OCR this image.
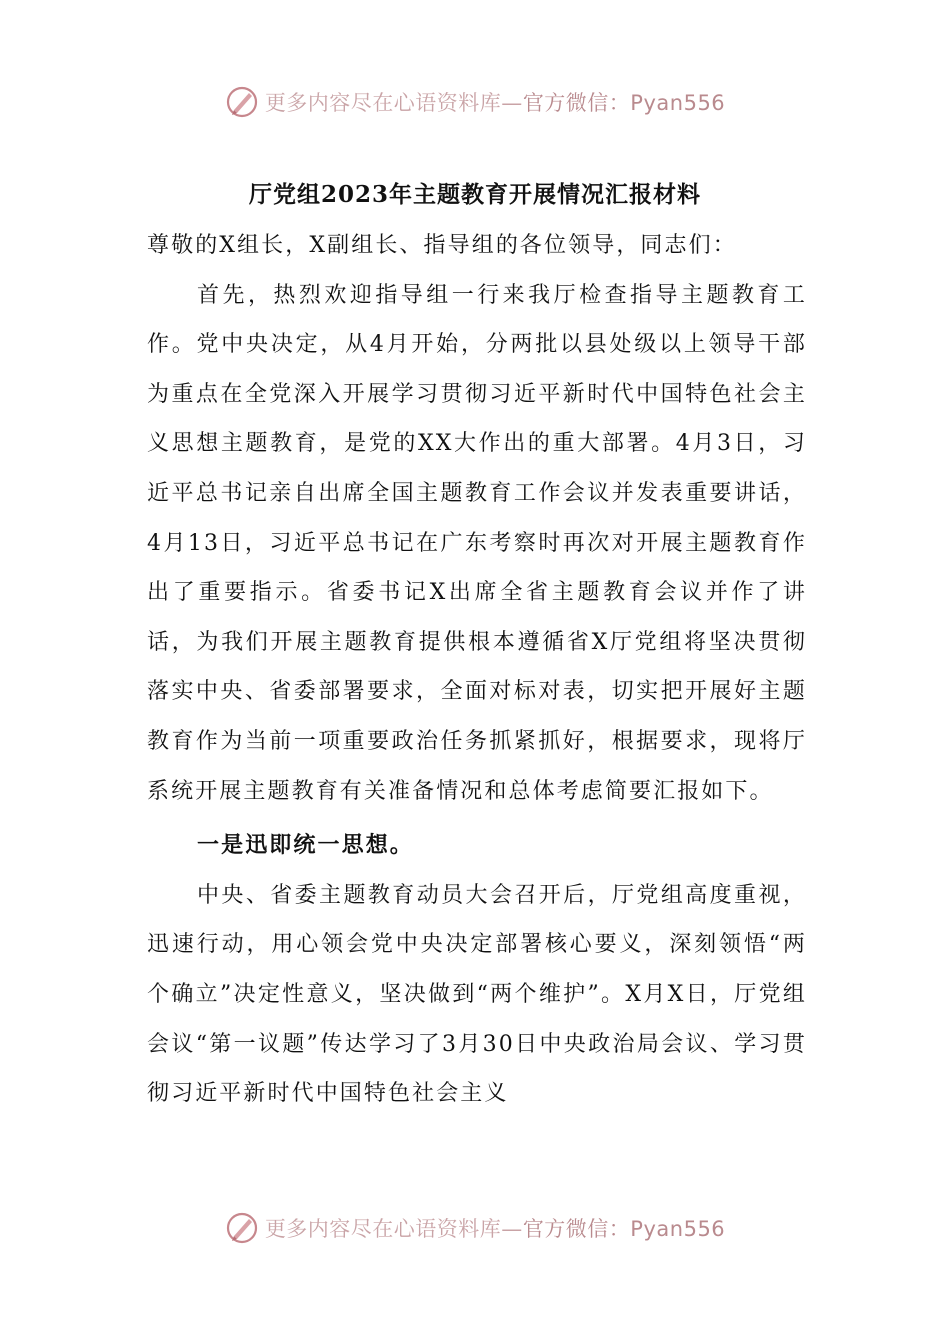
更多内容尽在心语资料库— 官方微信：Pyan556
厅党组2023年主题教育开展情况汇报材料

尊敬的X组长，X副组长、指导组的各位领导，同志们：

首先，热烈欢迎指导组一行来我厅检查指导主题教育工作。党中央决定，从4月开始，分两批以县处级以上领导干部为重点在全党深入开展学习贯彻习近平新时代中国特色社会主义思想主题教育，是党的XX大作出的重大部署。4月3日，习近平总书记亲自出席全国主题教育工作会议并发表重要讲话，4月13日，习近平总书记在广东考察时再次对开展主题教育作出了重要指示。省委书记X出席全省主题教育会议并作了讲话，为我们开展主题教育提供根本遵循省X厅党组将坚决贯彻落实中央、省委部署要求，全面对标对表，切实把开展好主题教育作为当前一项重要政治任务抓紧抓好，根据要求，现将厅系统开展主题教育有关准备情况和总体考虑简要汇报如下。

一是迅即统一思想。

中央、省委主题教育动员大会召开后，厅党组高度重视，迅速行动，用心领会党中央决定部署核心要义，深刻领悟“两个确立”决定性意义，坚决做到“两个维护”。X月X日，厅党组会议“第一议题”传达学习了3月30日中央政治局会议、学习贯彻习近平新时代中国特色社会主义

更多内容尽在心语资料库— 官方微信：Pyan556
